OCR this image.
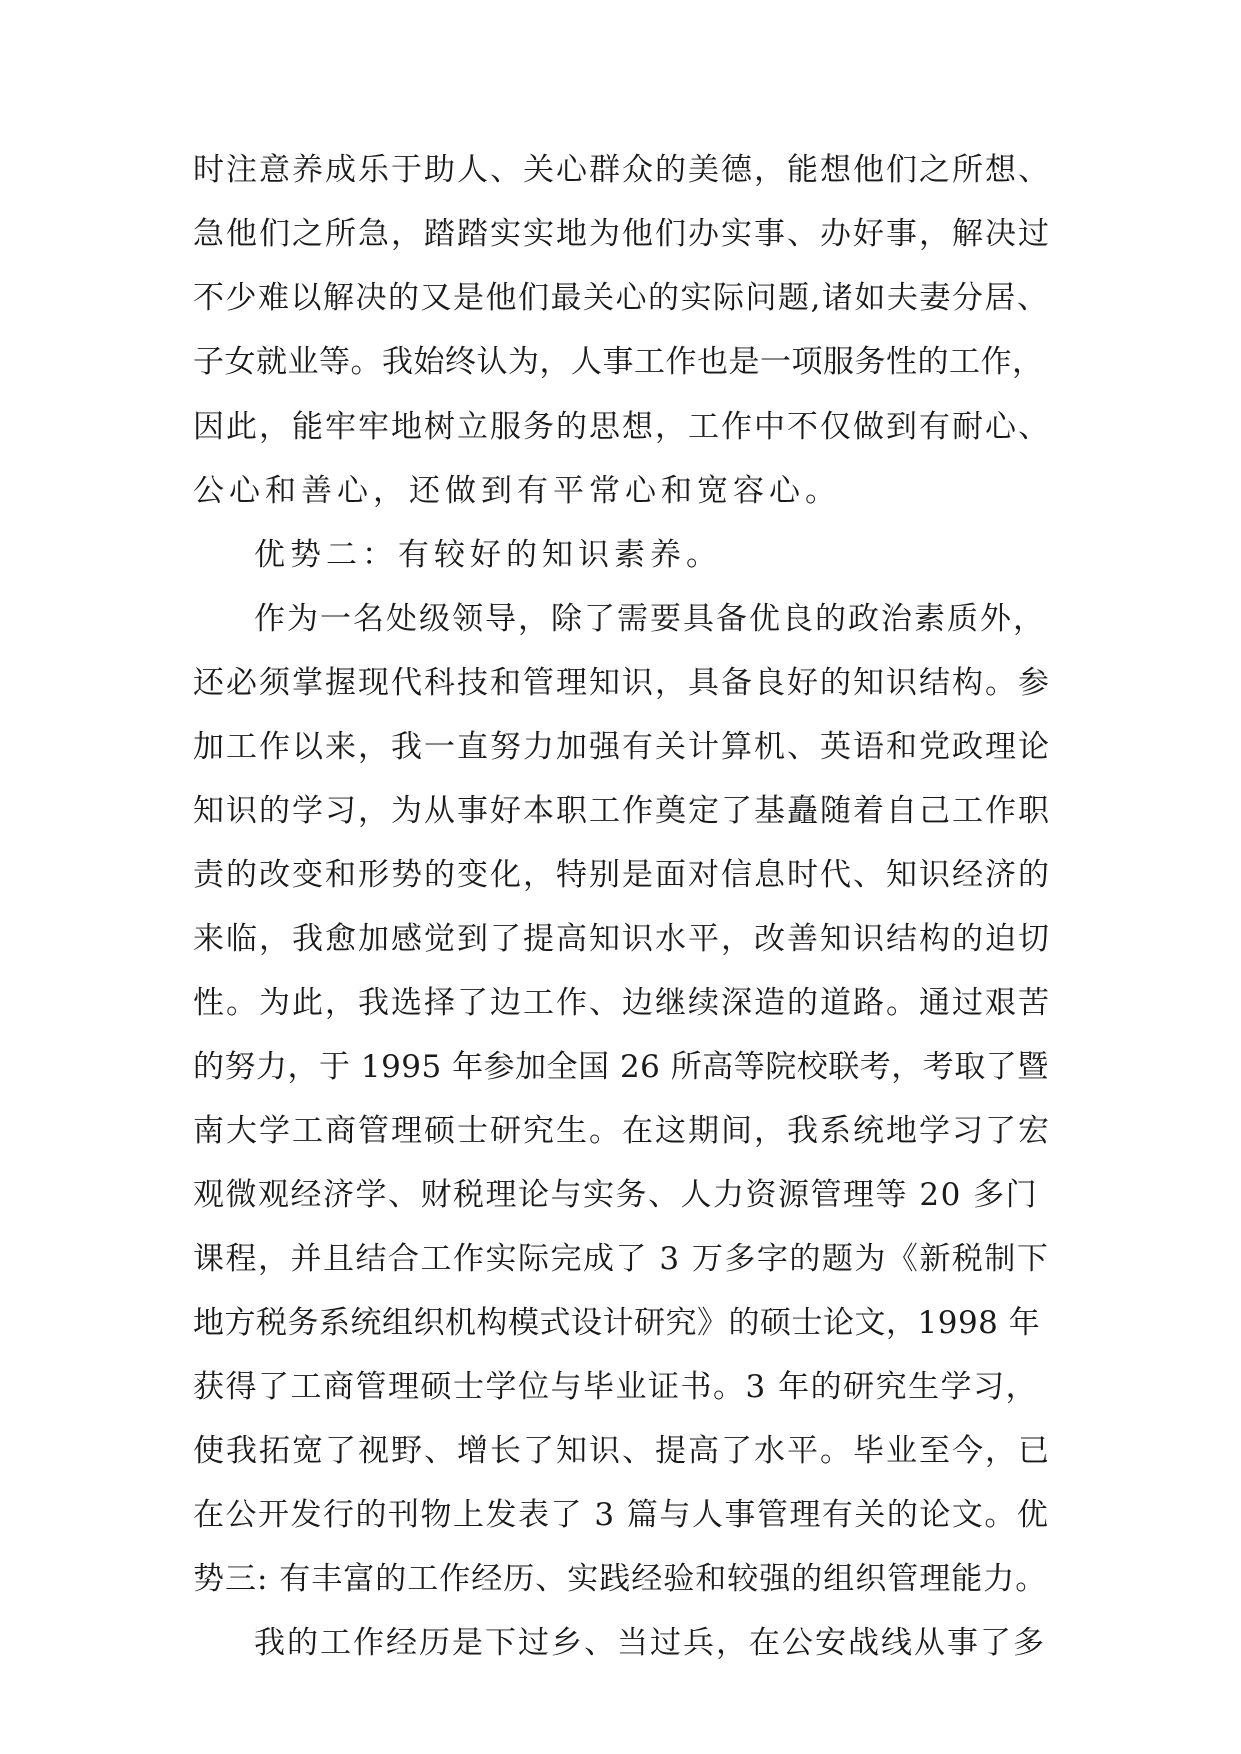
时注意养成乐于助人、关心群众的美德，能想他们之所想、
急他们之所急，踏踏实实地为他们办实事、办好事，解决过
不少难以解决的又是他们最关心的实际问题,诸如夫妻分居、
子女就业等。我始终认为，人事工作也是一项服务性的工作，
因此，能牢牢地树立服务的思想，工作中不仅做到有耐心、
公心和善心，还做到有平常心和宽容心。
优势二：有较好的知识素养。
作为一名处级领导，除了需要具备优良的政治素质外，
还必须掌握现代科技和管理知识，具备良好的知识结构。参
加工作以来，我一直努力加强有关计算机、英语和党政理论
知识的学习，为从事好本职工作奠定了基矗随着自己工作职
责的改变和形势的变化，特别是面对信息时代、知识经济的
来临，我愈加感觉到了提高知识水平，改善知识结构的迫切
性。为此，我选择了边工作、边继续深造的道路。通过艰苦
的努力，于 1995 年参加全国 26 所高等院校联考，考取了暨
南大学工商管理硕士研究生。在这期间，我系统地学习了宏
观微观经济学、财税理论与实务、人力资源管理等 20 多门
课程，并且结合工作实际完成了 3 万多字的题为《新税制下
地方税务系统组织机构模式设计研究》的硕士论文，1998 年
获得了工商管理硕士学位与毕业证书。3 年的研究生学习，
使我拓宽了视野、增长了知识、提高了水平。毕业至今，已
在公开发行的刊物上发表了 3 篇与人事管理有关的论文。优
势三: 有丰富的工作经历、实践经验和较强的组织管理能力。
我的工作经历是下过乡、当过兵，在公安战线从事了多
